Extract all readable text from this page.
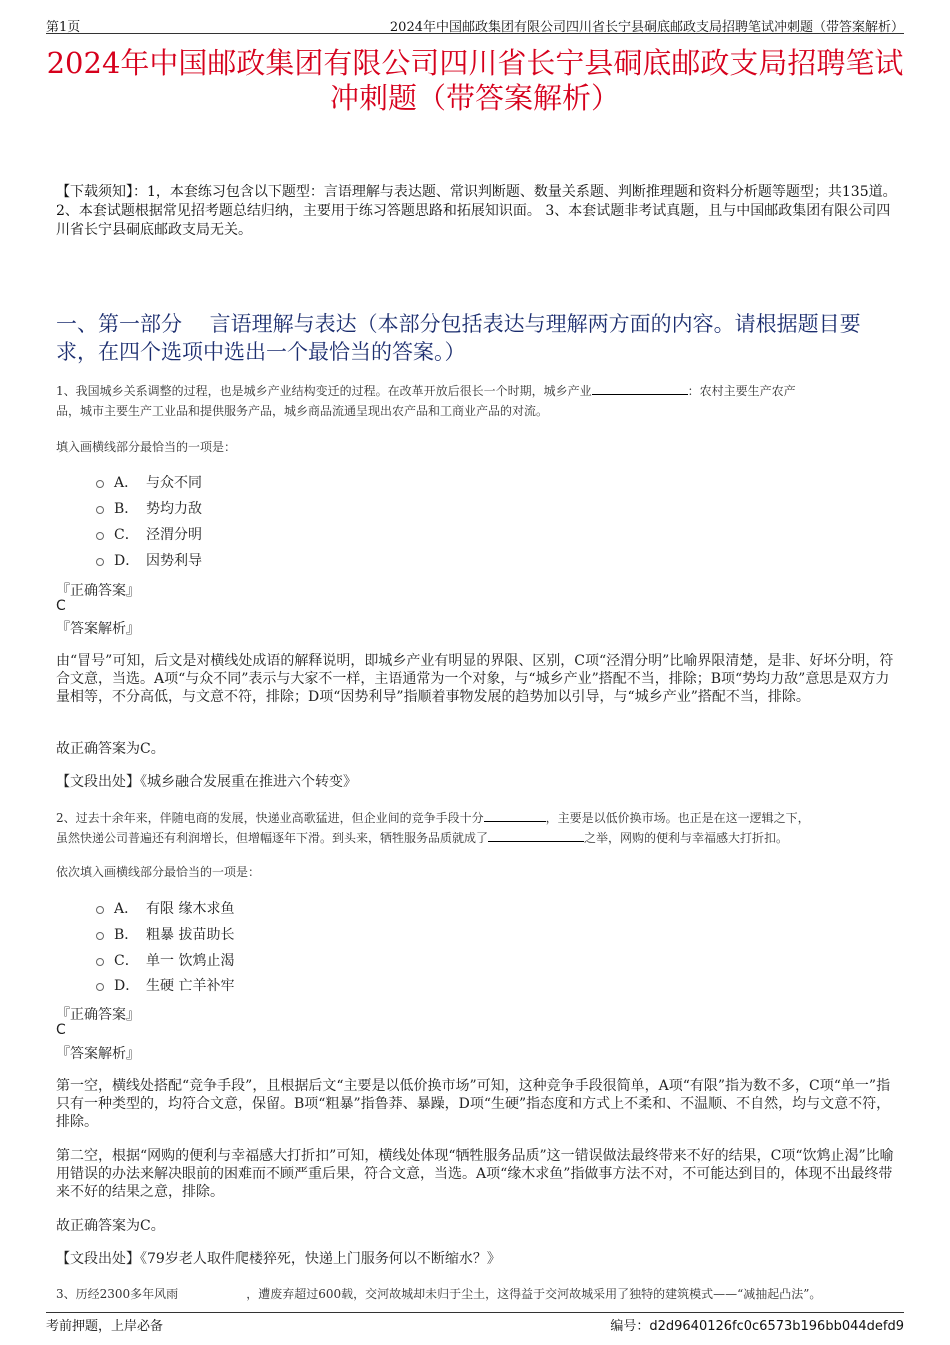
第1页	2024年中国邮政集团有限公司四川省长宁县硐底邮政支局招聘笔试冲刺题（带答案解析）
2024年中国邮政集团有限公司四川省长宁县硐底邮政支局招聘笔试冲刺题（带答案解析）
【下载须知】：1，本套练习包含以下题型：言语理解与表达题、常识判断题、数量关系题、判断推理题和资料分析题等题型；共135道。 2、本套试题根据常见招考题总结归纳，主要用于练习答题思路和拓展知识面。 3、本套试题非考试真题，且与中国邮政集团有限公司四川省长宁县硐底邮政支局无关。
一、第一部分　 言语理解与表达（本部分包括表达与理解两方面的内容。请根据题目要求，在四个选项中选出一个最恰当的答案。）
1、我国城乡关系调整的过程，也是城乡产业结构变迁的过程。在改革开放后很长一个时期，城乡产业	：农村主要生产农产
品，城市主要生产工业品和提供服务产品，城乡商品流通呈现出农产品和工商业产品的对流。
填入画横线部分最恰当的一项是：
A． 与众不同
B． 势均力敌
C． 泾渭分明
D． 因势利导
『正确答案』
C
『答案解析』
由“冒号”可知，后文是对横线处成语的解释说明，即城乡产业有明显的界限、区别，C项“泾渭分明”比喻界限清楚，是非、好坏分明，符合文意，当选。A项“与众不同”表示与大家不一样，主语通常为一个对象，与“城乡产业”搭配不当，排除；B项“势均力敌”意思是双方力量相等，不分高低，与文意不符，排除；D项“因势利导”指顺着事物发展的趋势加以引导，与“城乡产业”搭配不当，排除。
故正确答案为C。
【文段出处】《城乡融合发展重在推进六个转变》
2、过去十余年来，伴随电商的发展，快递业高歌猛进，但企业间的竞争手段十分	，主要是以低价换市场。也正是在这一逻辑之下，
虽然快递公司普遍还有利润增长，但增幅逐年下滑。到头来，牺牲服务品质就成了	之举，网购的便利与幸福感大打折扣。
依次填入画横线部分最恰当的一项是：
A． 有限 缘木求鱼
B． 粗暴 拔苗助长
C． 单一 饮鸩止渴
D． 生硬 亡羊补牢
『正确答案』
C
『答案解析』
第一空，横线处搭配“竞争手段”，且根据后文“主要是以低价换市场”可知，这种竞争手段很简单，A项“有限”指为数不多，C项“单一”指只有一种类型的，均符合文意，保留。B项“粗暴”指鲁莽、暴躁，D项“生硬”指态度和方式上不柔和、不温顺、不自然，均与文意不符，排除。
第二空，根据“网购的便利与幸福感大打折扣”可知，横线处体现“牺牲服务品质”这一错误做法最终带来不好的结果，C项“饮鸩止渴”比喻用错误的办法来解决眼前的困难而不顾严重后果，符合文意，当选。A项“缘木求鱼”指做事方法不对，不可能达到目的，体现不出最终带来不好的结果之意，排除。
故正确答案为C。
【文段出处】《79岁老人取件爬楼猝死，快递上门服务何以不断缩水？》
3、历经2300多年风雨	，遭废弃超过600载，交河故城却未归于尘土，这得益于交河故城采用了独特的建筑模式——“减抽起凸法”。
考前押题，上岸必备	编号：d2d9640126fc0c6573b196bb044defd9
